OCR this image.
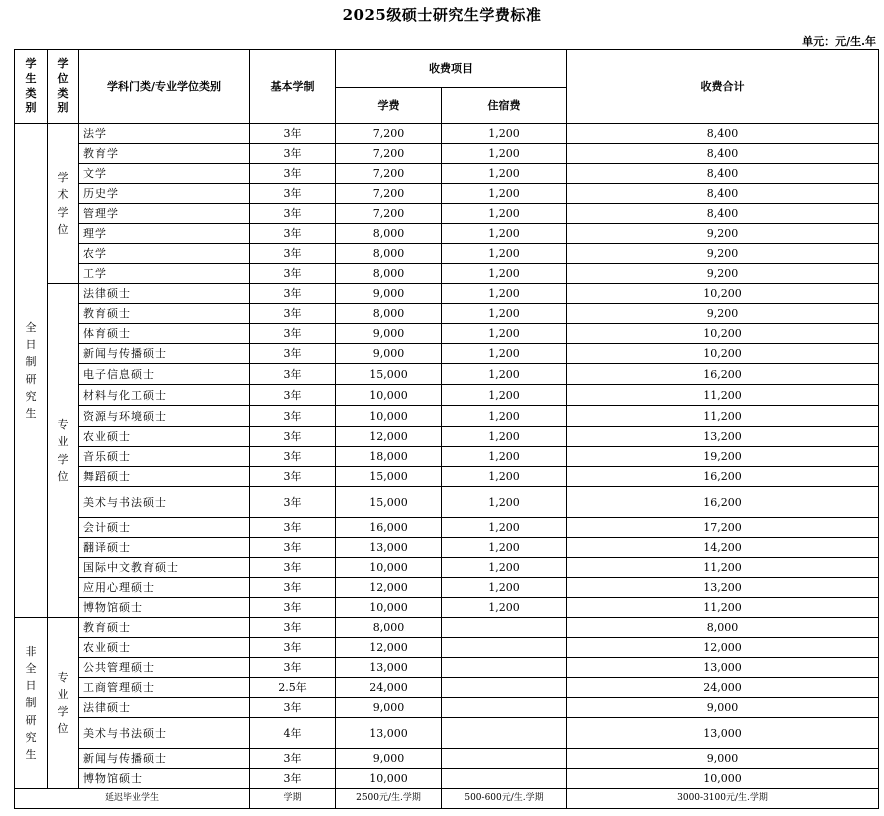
2025级硕士研究生学费标准
单元：元/生.年
学生类别	学位类别	学科门类/专业学位类别	基本学制	收费项目		收费合计
				学费	住宿费	
全日制研究生	学术学位	法学	3年	7,200	1,200	8,400
		教育学	3年	7,200	1,200	8,400
		文学	3年	7,200	1,200	8,400
		历史学	3年	7,200	1,200	8,400
		管理学	3年	7,200	1,200	8,400
		理学	3年	8,000	1,200	9,200
		农学	3年	8,000	1,200	9,200
		工学	3年	8,000	1,200	9,200
	专业学位	法律硕士	3年	9,000	1,200	10,200
		教育硕士	3年	8,000	1,200	9,200
		体育硕士	3年	9,000	1,200	10,200
		新闻与传播硕士	3年	9,000	1,200	10,200
		电子信息硕士	3年	15,000	1,200	16,200
		材料与化工硕士	3年	10,000	1,200	11,200
		资源与环境硕士	3年	10,000	1,200	11,200
		农业硕士	3年	12,000	1,200	13,200
		音乐硕士	3年	18,000	1,200	19,200
		舞蹈硕士	3年	15,000	1,200	16,200
		美术与书法硕士	3年	15,000	1,200	16,200
		会计硕士	3年	16,000	1,200	17,200
		翻译硕士	3年	13,000	1,200	14,200
		国际中文教育硕士	3年	10,000	1,200	11,200
		应用心理硕士	3年	12,000	1,200	13,200
		博物馆硕士	3年	10,000	1,200	11,200
非全日制研究生	专业学位	教育硕士	3年	8,000		8,000
		农业硕士	3年	12,000		12,000
		公共管理硕士	3年	13,000		13,000
		工商管理硕士	2.5年	24,000		24,000
		法律硕士	3年	9,000		9,000
		美术与书法硕士	4年	13,000		13,000
		新闻与传播硕士	3年	9,000		9,000
		博物馆硕士	3年	10,000		10,000
延迟毕业学生			学期	2500元/生.学期	500-600元/生.学期	3000-3100元/生.学期
